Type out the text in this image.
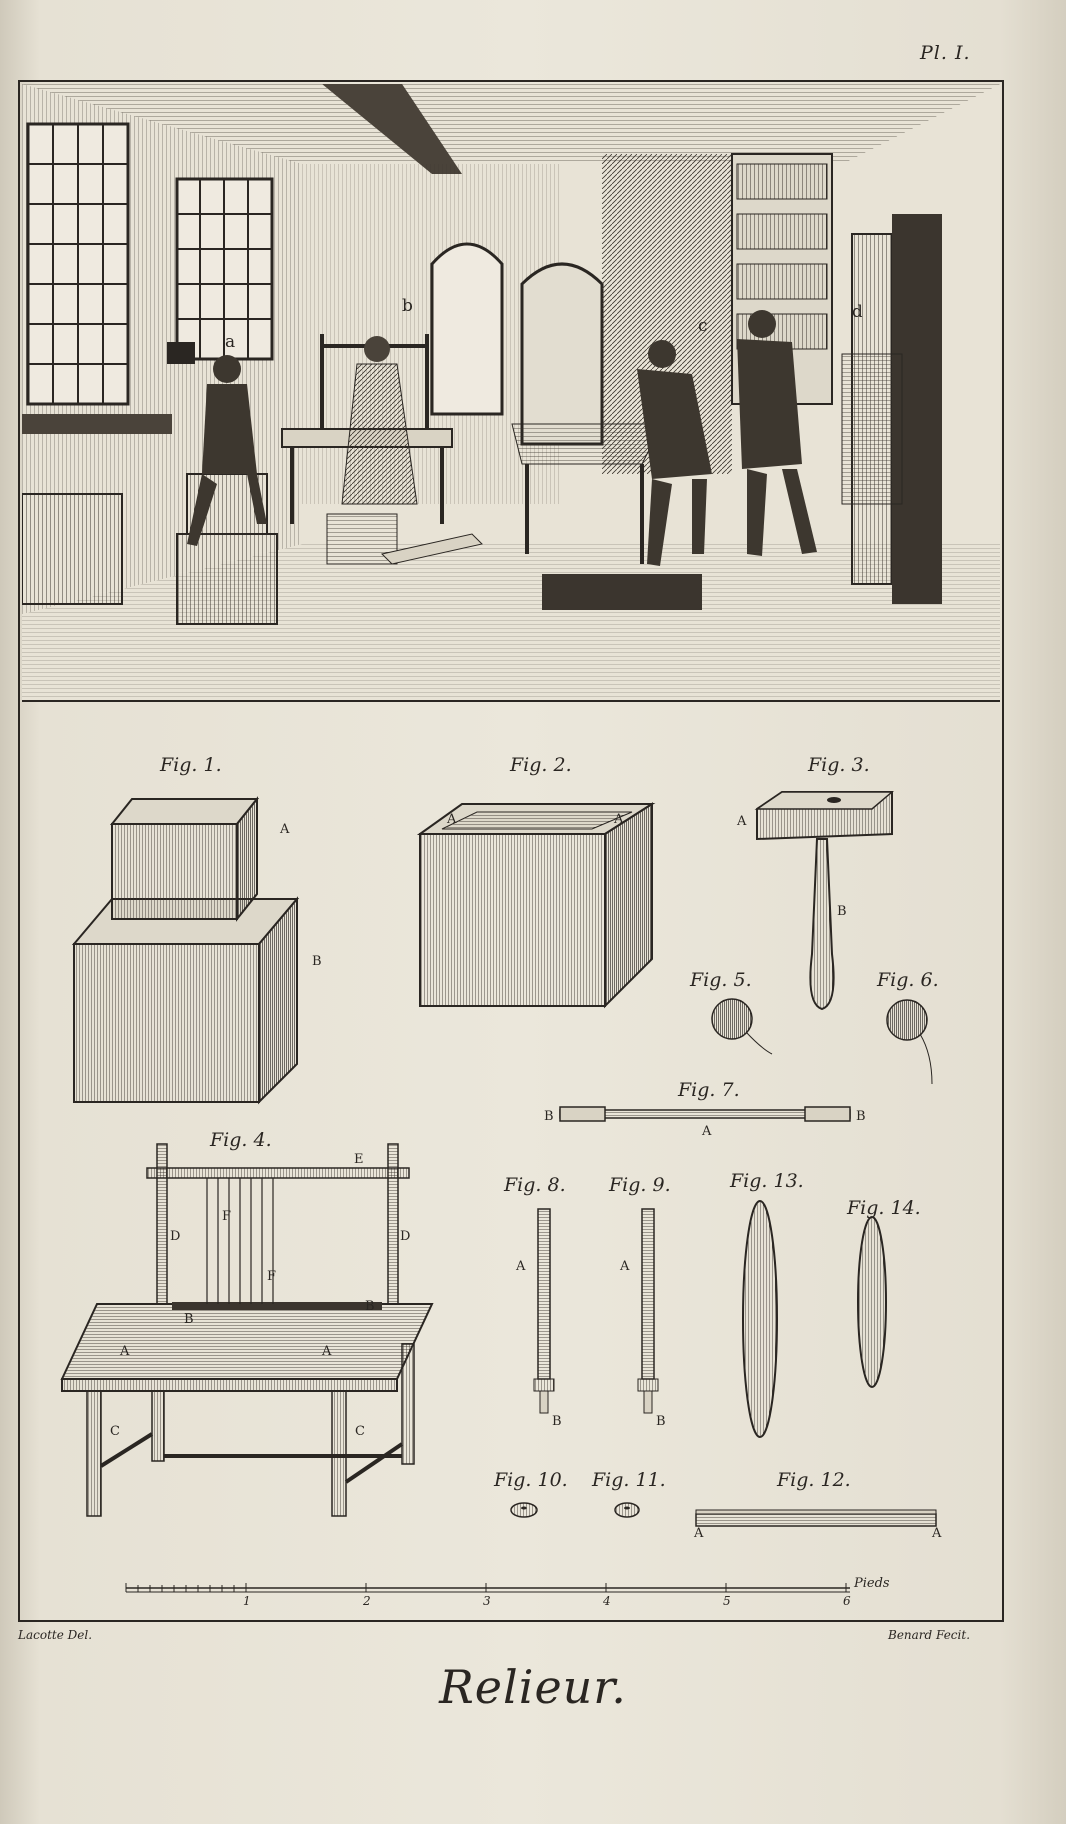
Pl. I.
a
b
c
d
Fig. 1.	Fig. 2.	Fig. 3.
Fig. 5.	Fig. 6.
Fig. 7.
Fig. 4.
Fig. 8. Fig. 9.	Fig. 13.
Fig. 14.
Fig. 10. Fig. 11.	Fig. 12.
A
B
A	A	A
B
B
A
B
E
D	D
F
F
B
B
A	A
C	C
A
B
A
B
A	A
1	2	3	4	5	6
Pieds
Lacotte Del.	Benard Fecit.
Relieur.
